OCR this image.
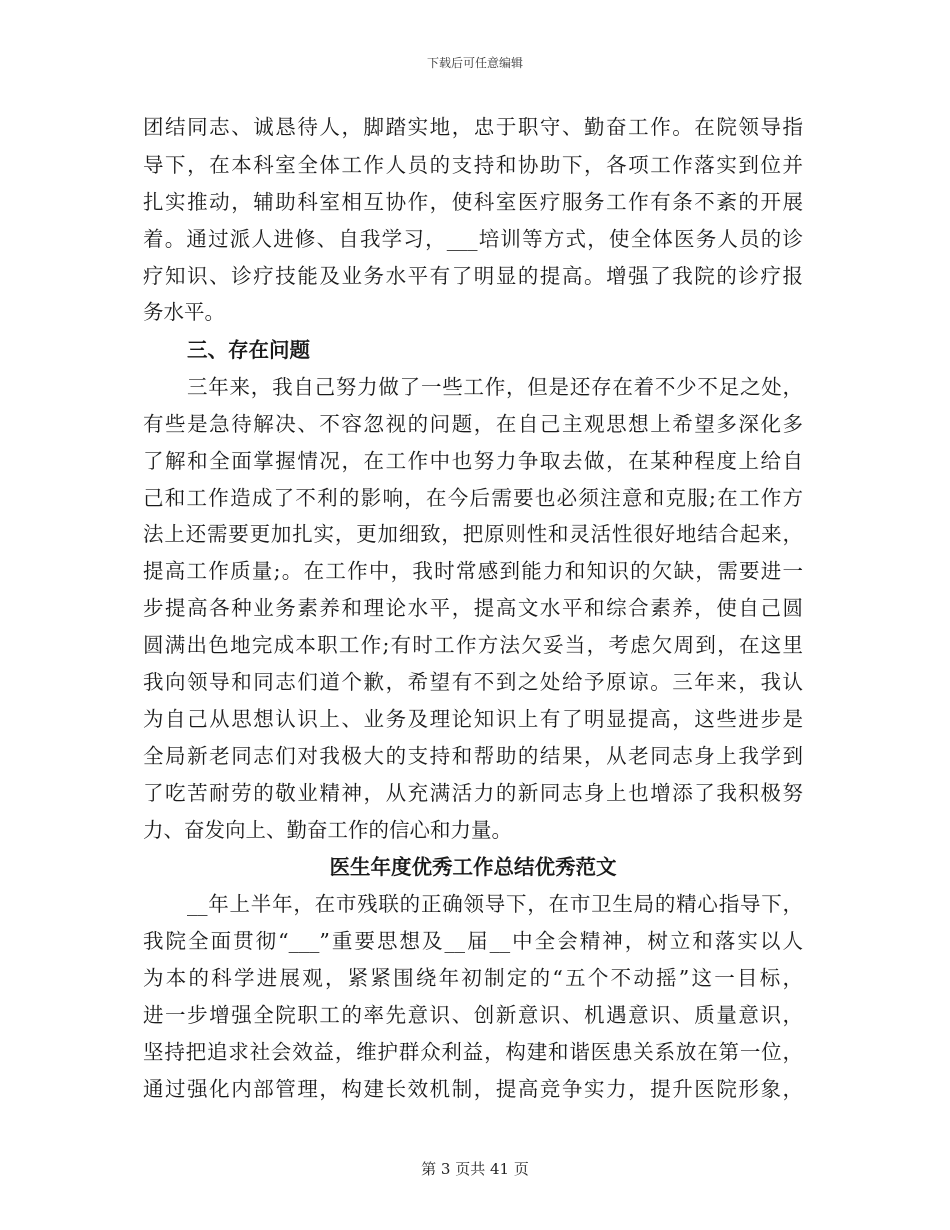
下载后可任意编辑
团结同志、诚恳待人，脚踏实地，忠于职守、勤奋工作。在院领导指
导下，在本科室全体工作人员的支持和协助下，各项工作落实到位并
扎实推动，辅助科室相互协作，使科室医疗服务工作有条不紊的开展
着。通过派人进修、自我学习，___培训等方式，使全体医务人员的诊
疗知识、诊疗技能及业务水平有了明显的提高。增强了我院的诊疗报
务水平。
三、存在问题
三年来，我自己努力做了一些工作，但是还存在着不少不足之处，
有些是急待解决、不容忽视的问题，在自己主观思想上希望多深化多
了解和全面掌握情况，在工作中也努力争取去做，在某种程度上给自
己和工作造成了不利的影响，在今后需要也必须注意和克服;在工作方
法上还需要更加扎实，更加细致，把原则性和灵活性很好地结合起来，
提高工作质量;。在工作中，我时常感到能力和知识的欠缺，需要进一
步提高各种业务素养和理论水平，提高文水平和综合素养，使自己圆
圆满出色地完成本职工作;有时工作方法欠妥当，考虑欠周到，在这里
我向领导和同志们道个歉，希望有不到之处给予原谅。三年来，我认
为自己从思想认识上、业务及理论知识上有了明显提高，这些进步是
全局新老同志们对我极大的支持和帮助的结果，从老同志身上我学到
了吃苦耐劳的敬业精神，从充满活力的新同志身上也增添了我积极努
力、奋发向上、勤奋工作的信心和力量。
医生年度优秀工作总结优秀范文
__年上半年，在市残联的正确领导下，在市卫生局的精心指导下，
我院全面贯彻“___”重要思想及__届__中全会精神，树立和落实以人
为本的科学进展观，紧紧围绕年初制定的“五个不动摇”这一目标，
进一步增强全院职工的率先意识、创新意识、机遇意识、质量意识，
坚持把追求社会效益，维护群众利益，构建和谐医患关系放在第一位，
通过强化内部管理，构建长效机制，提高竞争实力，提升医院形象，
第 3 页共 41 页
